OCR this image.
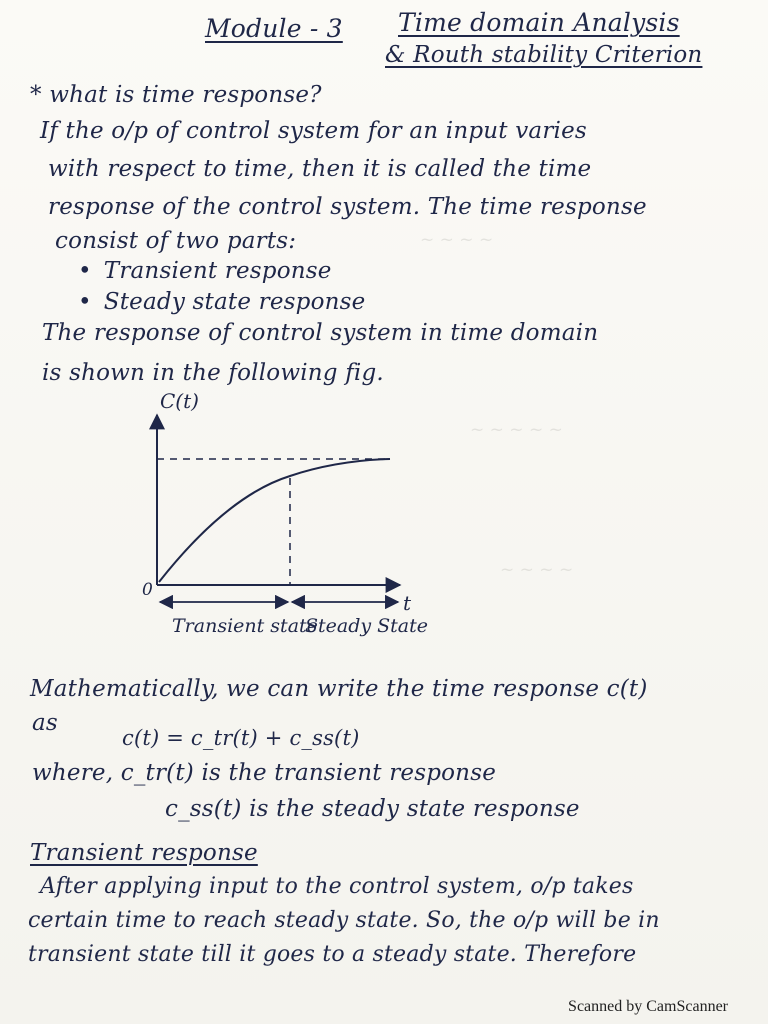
~ ~ ~ ~
~ ~ ~ ~ ~
~ ~ ~ ~
Module - 3 Time domain Analysis
& Routh stability Criterion
* what is time response?
If the o/p of control system for an input varies
with respect to time, then it is called the time
response of the control system. The time response
consist of two parts:
• Transient response
• Steady state response
The response of control system in time domain
is shown in the following fig.
C(t)
t
0
Transient state
Steady State
Mathematically, we can write the time response c(t)
as
c(t) = c_tr(t) + c_ss(t)
where, c_tr(t) is the transient response
c_ss(t) is the steady state response
Transient response
After applying input to the control system, o/p takes
certain time to reach steady state. So, the o/p will be in
transient state till it goes to a steady state. Therefore
Scanned by CamScanner
